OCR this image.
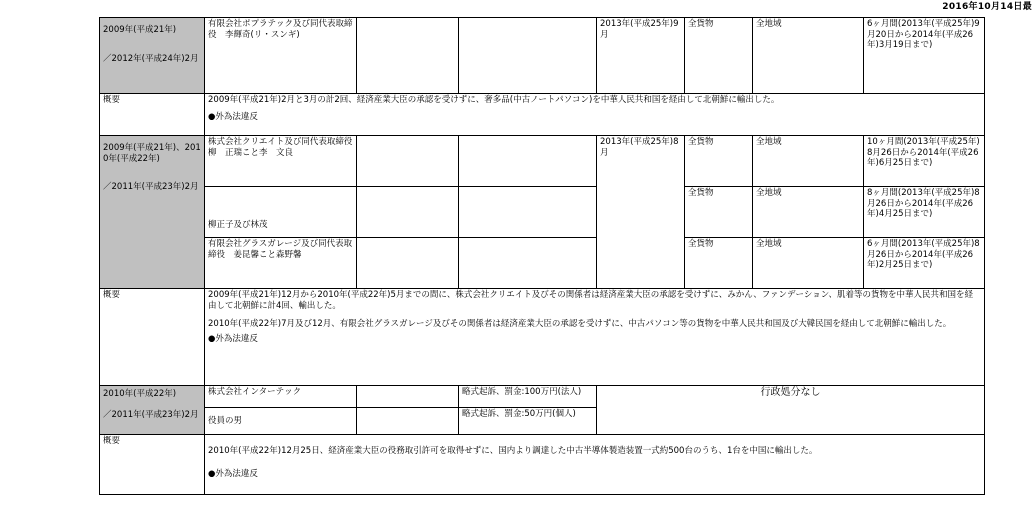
2016年10月14日最
2009年(平成21年)
／2012年(平成24年)2月	有限会社ポプラテック及び同代表取締役　李輝奇(リ・スンギ)			2013年(平成25年)9月	全貨物	全地域	6ヶ月間(2013年(平成25年)9月20日から2014年(平成26年)3月19日まで)
概要	2009年(平成21年)2月と3月の計2回、経済産業大臣の承認を受けずに、奢多品(中古ノートパソコン)を中華人民共和国を経由して北朝鮮に輸出した。
●外為法違反						

2009年(平成21年)、2010年(平成22年)
／2011年(平成23年)2月	株式会社クリエイト及び同代表取締役柳　正瑞こと李　文良			2013年(平成25年)8月	全貨物	全地域	10ヶ月間(2013年(平成25年)8月26日から2014年(平成26年)6月25日まで)
	柳正子及び林茂				全貨物	全地域	8ヶ月間(2013年(平成25年)8月26日から2014年(平成26年)4月25日まで)
	有限会社グラスガレージ及び同代表取締役　姜昆馨こと森野馨				全貨物	全地域	6ヶ月間(2013年(平成25年)8月26日から2014年(平成26年)2月25日まで)
概要	2009年(平成21年)12月から2010年(平成22年)5月までの間に、株式会社クリエイト及びその関係者は経済産業大臣の承認を受けずに、みかん、ファンデーション、肌着等の貨物を中華人民共和国を経由して北朝鮮に計4回、輸出した。
2010年(平成22年)7月及び12月、有限会社グラスガレージ及びその関係者は経済産業大臣の承認を受けずに、中古パソコン等の貨物を中華人民共和国及び大韓民国を経由して北朝鮮に輸出した。
●外為法違反						

2010年(平成22年)
／2011年(平成23年)2月	株式会社インターテック		略式起訴、罰金:100万円(法人)	行政処分なし			
	役員の男		略式起訴、罰金:50万円(個人)				
概要	2010年(平成22年)12月25日、経済産業大臣の役務取引許可を取得せずに、国内より調達した中古半導体製造装置一式約500台のうち、1台を中国に輸出した。
●外為法違反						
